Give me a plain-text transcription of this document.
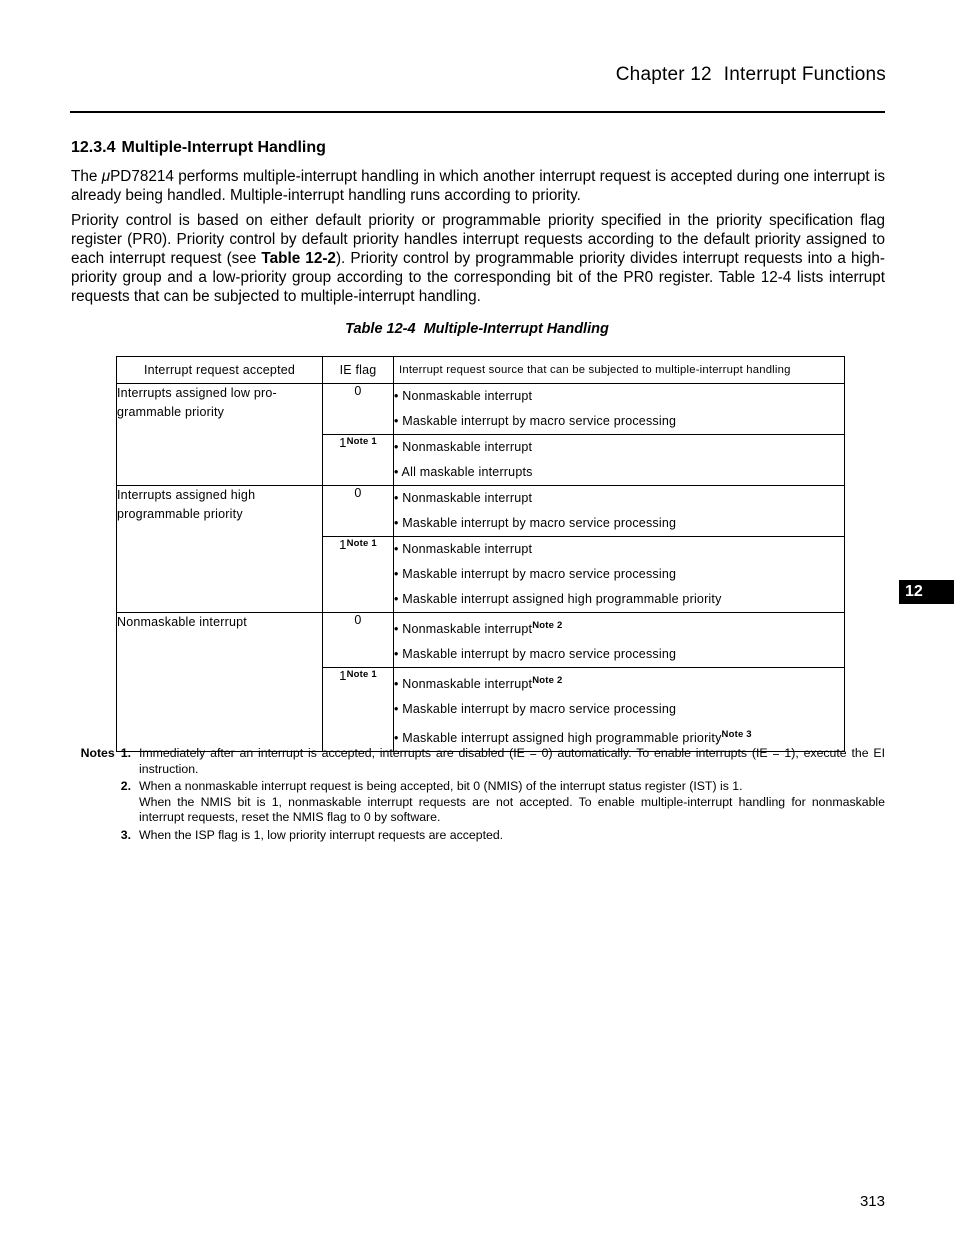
Chapter 12 Interrupt Functions
12.3.4 Multiple-Interrupt Handling
The μPD78214 performs multiple-interrupt handling in which another interrupt request is accepted during one interrupt is already being handled. Multiple-interrupt handling runs according to priority.
Priority control is based on either default priority or programmable priority specified in the priority specification flag register (PR0). Priority control by default priority handles interrupt requests according to the default priority assigned to each interrupt request (see Table 12-2). Priority control by programmable priority divides interrupt requests into a high-priority group and a low-priority group according to the corresponding bit of the PR0 register. Table 12-4 lists interrupt requests that can be subjected to multiple-interrupt handling.
Table 12-4 Multiple-Interrupt Handling
Interrupt request accepted	IE flag	Interrupt request source that can be subjected to multiple-interrupt handling
Interrupts assigned low pro-grammable priority	0	• Nonmaskable interrupt
• Maskable interrupt by macro service processing

	1$^{Note 1}$	• Nonmaskable interrupt
• All maskable interrupts

Interrupts assigned high programmable priority	0	• Nonmaskable interrupt
• Maskable interrupt by macro service processing

	1$^{Note 1}$	• Nonmaskable interrupt
• Maskable interrupt by macro service processing
• Maskable interrupt assigned high programmable priority

Nonmaskable interrupt	0	• Nonmaskable interrupt$^{Note 2}$
• Maskable interrupt by macro service processing

	1$^{Note 1}$	• Nonmaskable interrupt$^{Note 2}$
• Maskable interrupt by macro service processing
• Maskable interrupt assigned high programmable priority$^{Note 3}$
Notes 1. Immediately after an interrupt is accepted, interrupts are disabled (IE = 0) automatically. To enable interrupts (IE = 1), execute the EI instruction.

2. When a nonmaskable interrupt request is being accepted, bit 0 (NMIS) of the interrupt status register (IST) is 1.

When the NMIS bit is 1, nonmaskable interrupt requests are not accepted. To enable multiple-interrupt handling for nonmaskable interrupt requests, reset the NMIS flag to 0 by software.

3. When the ISP flag is 1, low priority interrupt requests are accepted.

12
313
